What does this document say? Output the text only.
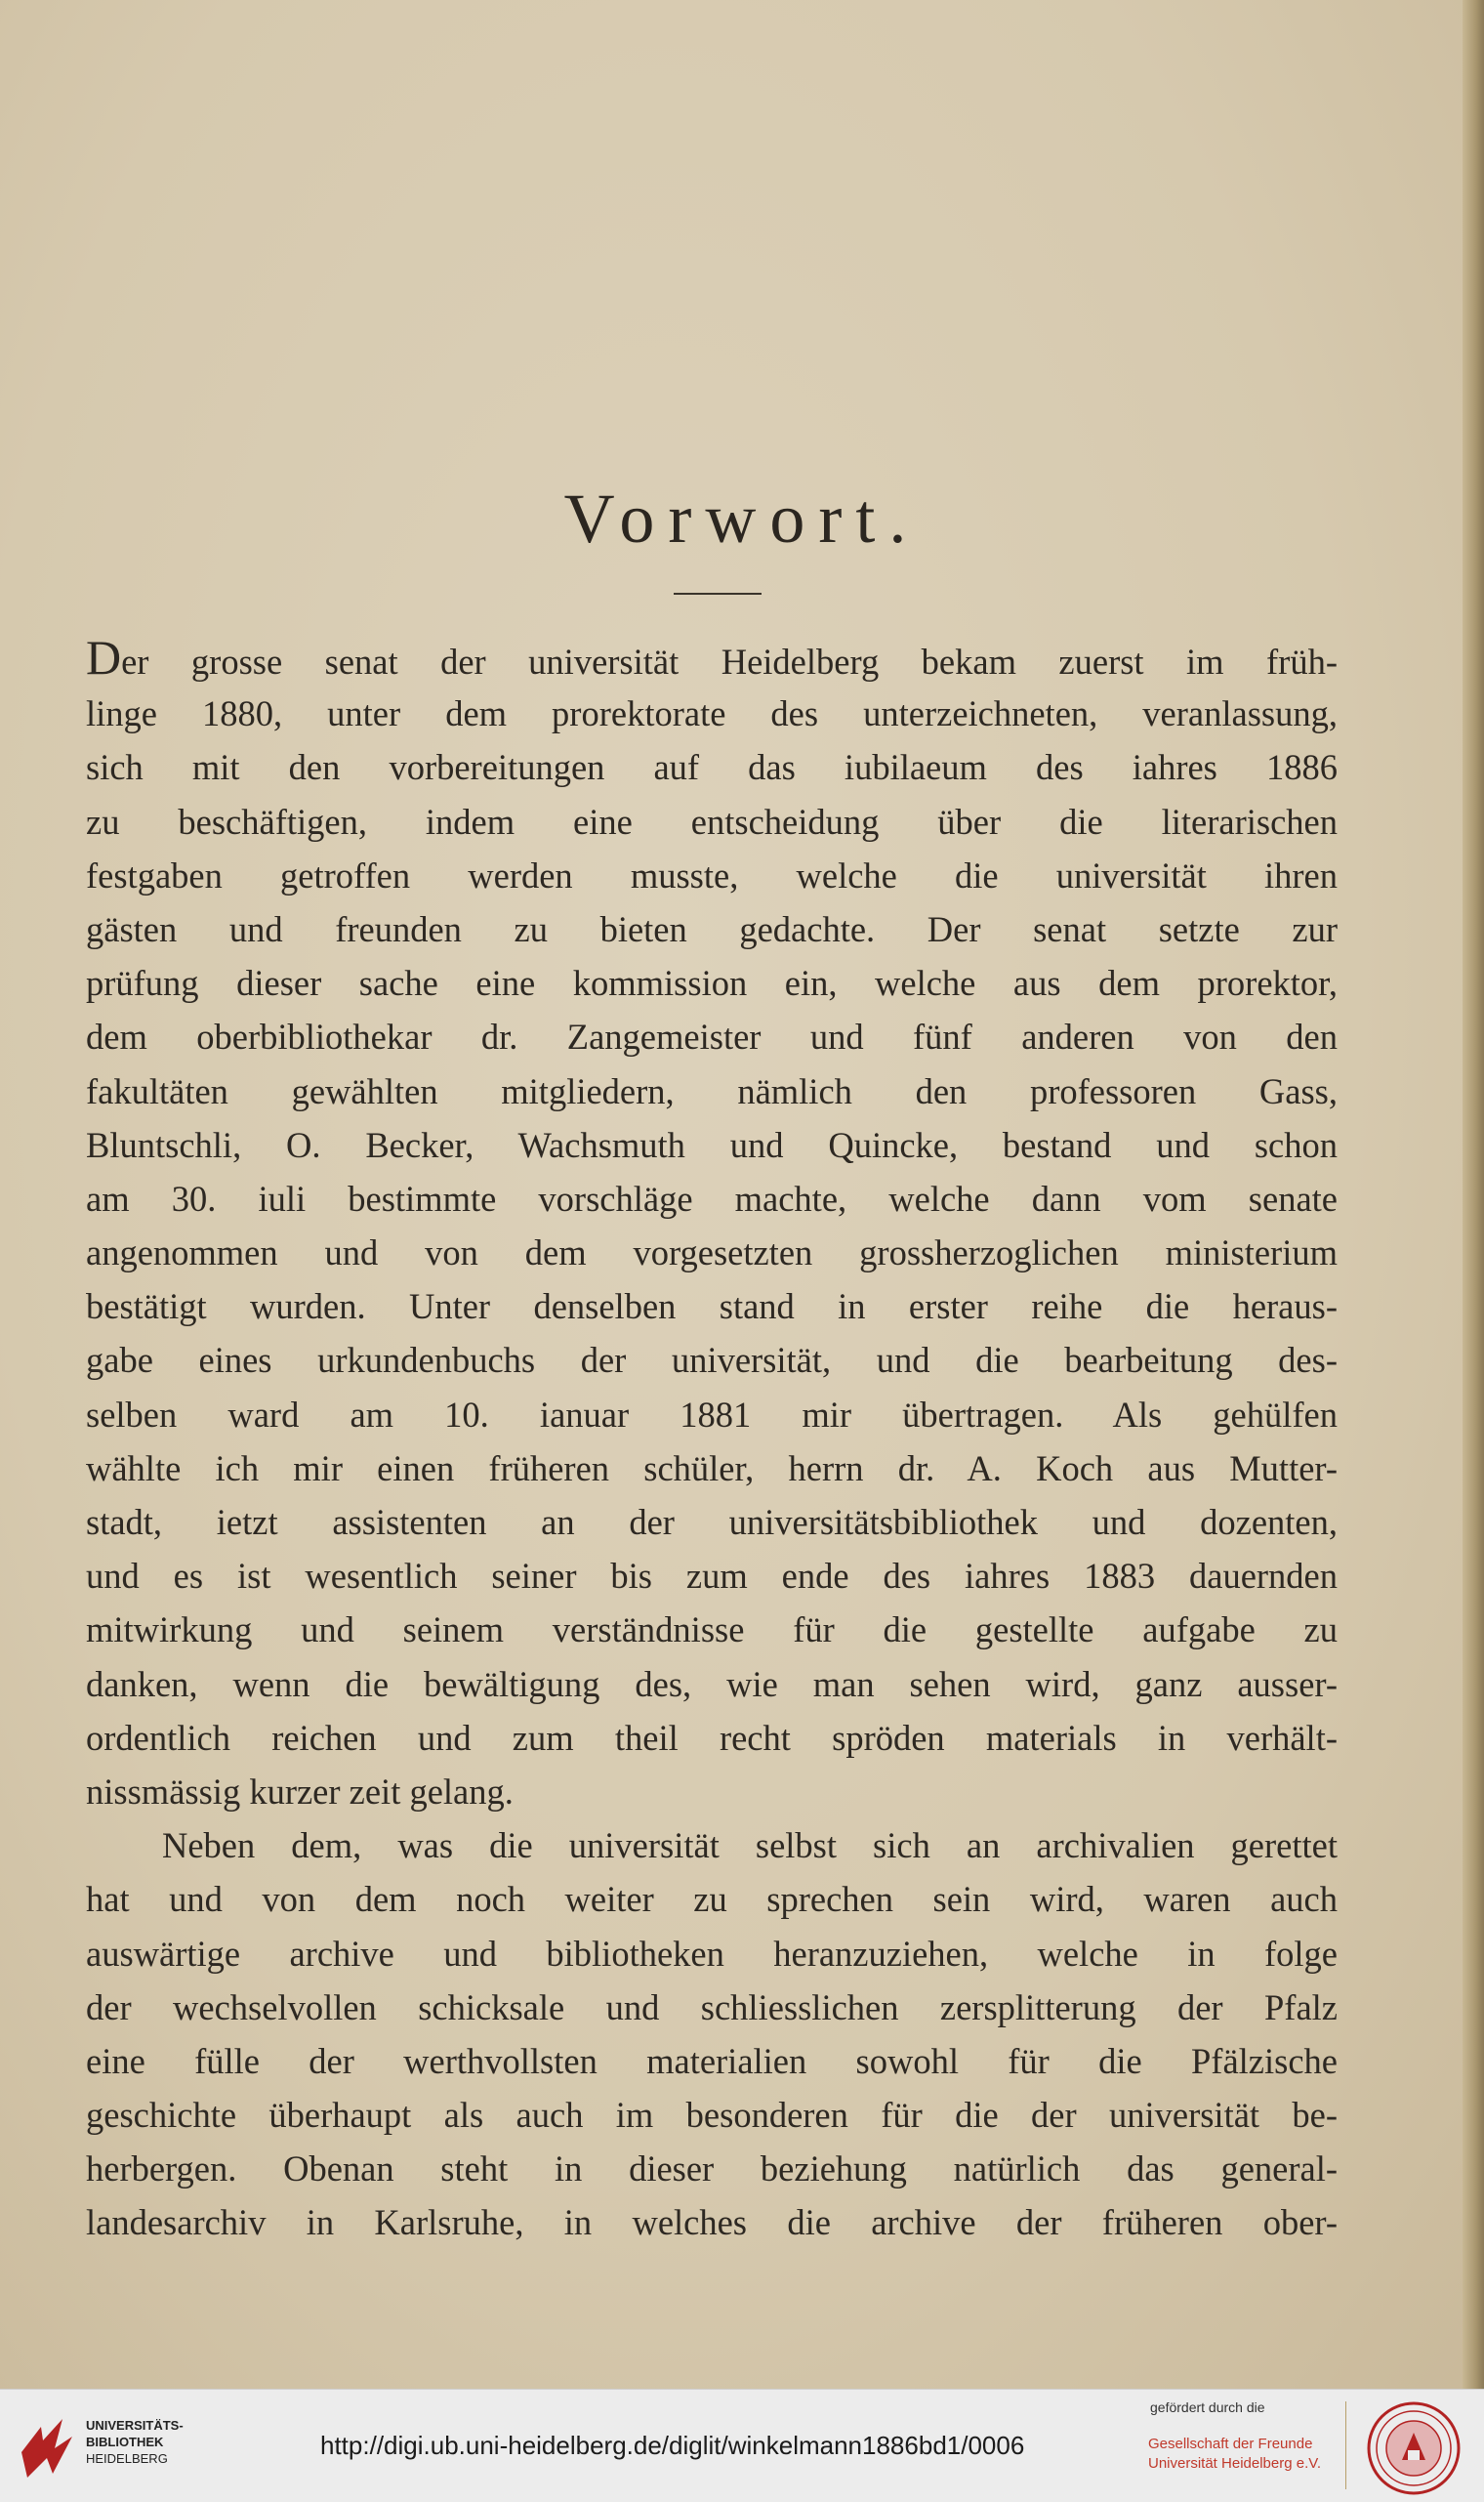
Vorwort.
Der grosse senat der universität Heidelberg bekam zuerst im früh-
linge 1880, unter dem prorektorate des unterzeichneten, veranlassung,
sich mit den vorbereitungen auf das iubilaeum des iahres 1886
zu beschäftigen, indem eine entscheidung über die literarischen
festgaben getroffen werden musste, welche die universität ihren
gästen und freunden zu bieten gedachte. Der senat setzte zur
prüfung dieser sache eine kommission ein, welche aus dem prorektor,
dem oberbibliothekar dr. Zangemeister und fünf anderen von den
fakultäten gewählten mitgliedern, nämlich den professoren Gass,
Bluntschli, O. Becker, Wachsmuth und Quincke, bestand und schon
am 30. iuli bestimmte vorschläge machte, welche dann vom senate
angenommen und von dem vorgesetzten grossherzoglichen ministerium
bestätigt wurden. Unter denselben stand in erster reihe die heraus-
gabe eines urkundenbuchs der universität, und die bearbeitung des-
selben ward am 10. ianuar 1881 mir übertragen. Als gehülfen
wählte ich mir einen früheren schüler, herrn dr. A. Koch aus Mutter-
stadt, ietzt assistenten an der universitätsbibliothek und dozenten,
und es ist wesentlich seiner bis zum ende des iahres 1883 dauernden
mitwirkung und seinem verständnisse für die gestellte aufgabe zu
danken, wenn die bewältigung des, wie man sehen wird, ganz ausser-
ordentlich reichen und zum theil recht spröden materials in verhält-
nissmässig kurzer zeit gelang.
Neben dem, was die universität selbst sich an archivalien gerettet
hat und von dem noch weiter zu sprechen sein wird, waren auch
auswärtige archive und bibliotheken heranzuziehen, welche in folge
der wechselvollen schicksale und schliesslichen zersplitterung der Pfalz
eine fülle der werthvollsten materialien sowohl für die Pfälzische
geschichte überhaupt als auch im besonderen für die der universität be-
herbergen. Obenan steht in dieser beziehung natürlich das general-
landesarchiv in Karlsruhe, in welches die archive der früheren ober-
UNIVERSITÄTS-
BIBLIOTHEK
HEIDELBERG	http://digi.ub.uni-heidelberg.de/diglit/winkelmann1886bd1/0006
gefördert durch die
Gesellschaft der Freunde
Universität Heidelberg e.V.
